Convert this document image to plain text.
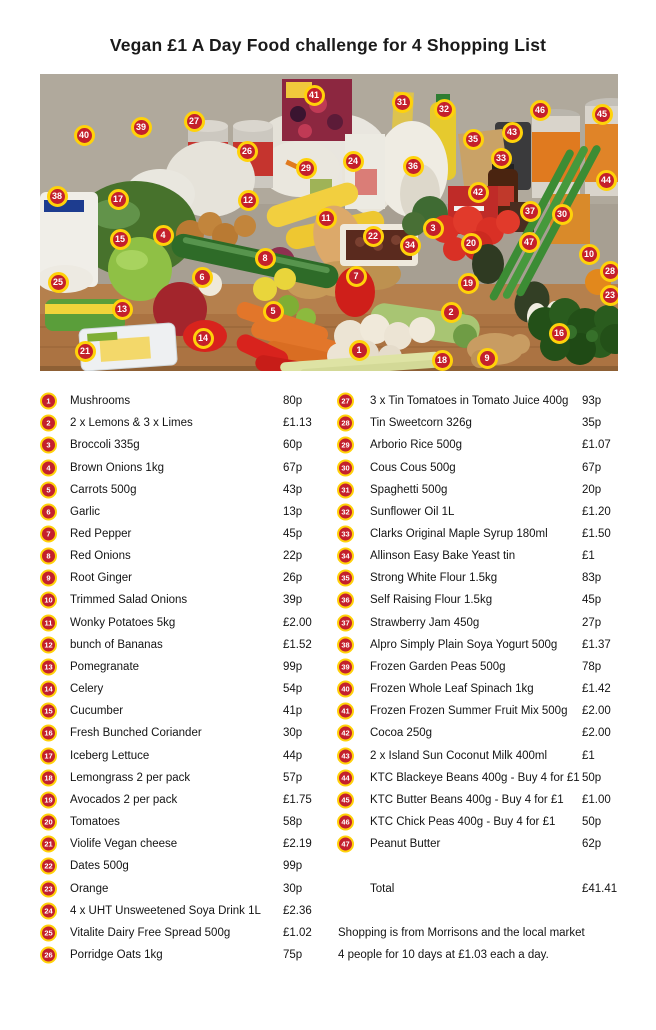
Vegan £1 A Day Food challenge for 4 Shopping List
1
2
3
4
5
6	7
8
9
10
11
12
13
14
15
16
17
18
19
20
21
22
23
24
25
26
27
28
29
30
31
32
33
34
35
36
37
38
39
40
41
42
43
44
45
46
47
1	Mushrooms	80p
2	2 x Lemons & 3 x Limes	£1.13
3	Broccoli 335g	60p
4	Brown Onions 1kg	67p
5	Carrots 500g	43p
6	Garlic	13p
7	Red Pepper	45p
8	Red Onions	22p
9	Root Ginger	26p
10	Trimmed Salad Onions	39p
11	Wonky Potatoes 5kg	£2.00
12	bunch of Bananas	£1.52
13	Pomegranate	99p
14	Celery	54p
15	Cucumber	41p
16	Fresh Bunched Coriander	30p
17	Iceberg Lettuce	44p
18	Lemongrass 2 per pack	57p
19	Avocados 2 per pack	£1.75
20	Tomatoes	58p
21	Violife Vegan cheese	£2.19
22	Dates 500g	99p
23	Orange	30p
24	4 x UHT Unsweetened Soya Drink 1L £2.36
25	Vitalite Dairy Free Spread 500g	£1.02
26	Porridge Oats 1kg	75p
27	3 x Tin Tomatoes in Tomato Juice 400g 93p
28	Tin Sweetcorn 326g	35p
29	Arborio Rice 500g	£1.07
30	Cous Cous 500g	67p
31	Spaghetti 500g	20p
32	Sunflower Oil 1L	£1.20
33	Clarks Original Maple Syrup 180ml	£1.50
34	Allinson Easy Bake Yeast tin	£1
35	Strong White Flour 1.5kg	83p
36	Self Raising Flour 1.5kg	45p
37	Strawberry Jam 450g	27p
38	Alpro Simply Plain Soya Yogurt 500g £1.37
39	Frozen Garden Peas 500g	78p
40	Frozen Whole Leaf Spinach 1kg	£1.42
41	Frozen Frozen Summer Fruit Mix 500g £2.00
42	Cocoa 250g	£2.00
43	2 x Island Sun Coconut Milk 400ml	£1
44	KTC Blackeye Beans 400g - Buy 4 for £1 50p
45	KTC Butter Beans 400g - Buy 4 for £1 £1.00
46	KTC Chick Peas 400g - Buy 4 for £1 50p
47	Peanut Butter	62p
Total	£41.41
Shopping is from Morrisons and the local market
4 people for 10 days at £1.03 each a day.
